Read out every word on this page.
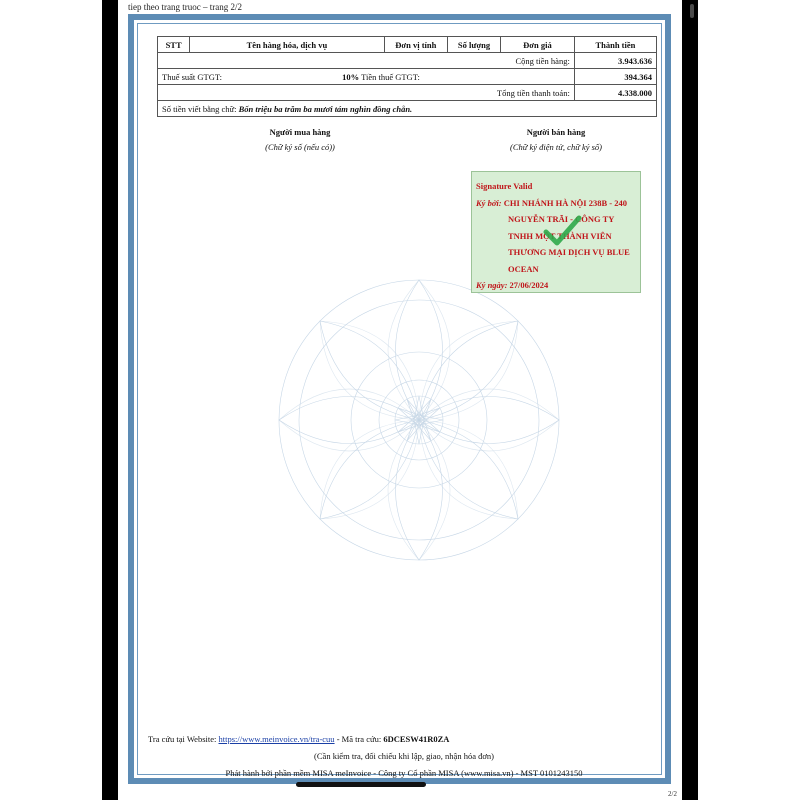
tiep theo trang truoc – trang 2/2
STT	Tên hàng hóa, dịch vụ	Đơn vị tính	Số lượng	Đơn giá	Thành tiền
Cộng tiền hàng:					3.943.636

Thuế suất GTGT: 10% Tiền thuế GTGT:					394.364
Tổng tiền thanh toán:					4.338.000
Số tiền viết bằng chữ: Bốn triệu ba trăm ba mươi tám nghìn đồng chẵn.					
Người mua hàng
(Chữ ký số (nếu có))
Người bán hàng
(Chữ ký điện tử, chữ ký số)
Signature Valid
Ký bởi: CHI NHÁNH HÀ NỘI 238B - 240
NGUYỄN TRÃI - CÔNG TY
TNHH MỘT THÀNH VIÊN
THƯƠNG MẠI DỊCH VỤ BLUE
OCEAN
Ký ngày: 27/06/2024
Tra cứu tại Website: https://www.meinvoice.vn/tra-cuu - Mã tra cứu: 6DCESW41R0ZA
(Cần kiểm tra, đối chiếu khi lập, giao, nhận hóa đơn)
Phát hành bởi phần mềm MISA meInvoice - Công ty Cổ phần MISA (www.misa.vn) - MST 0101243150
2/2
